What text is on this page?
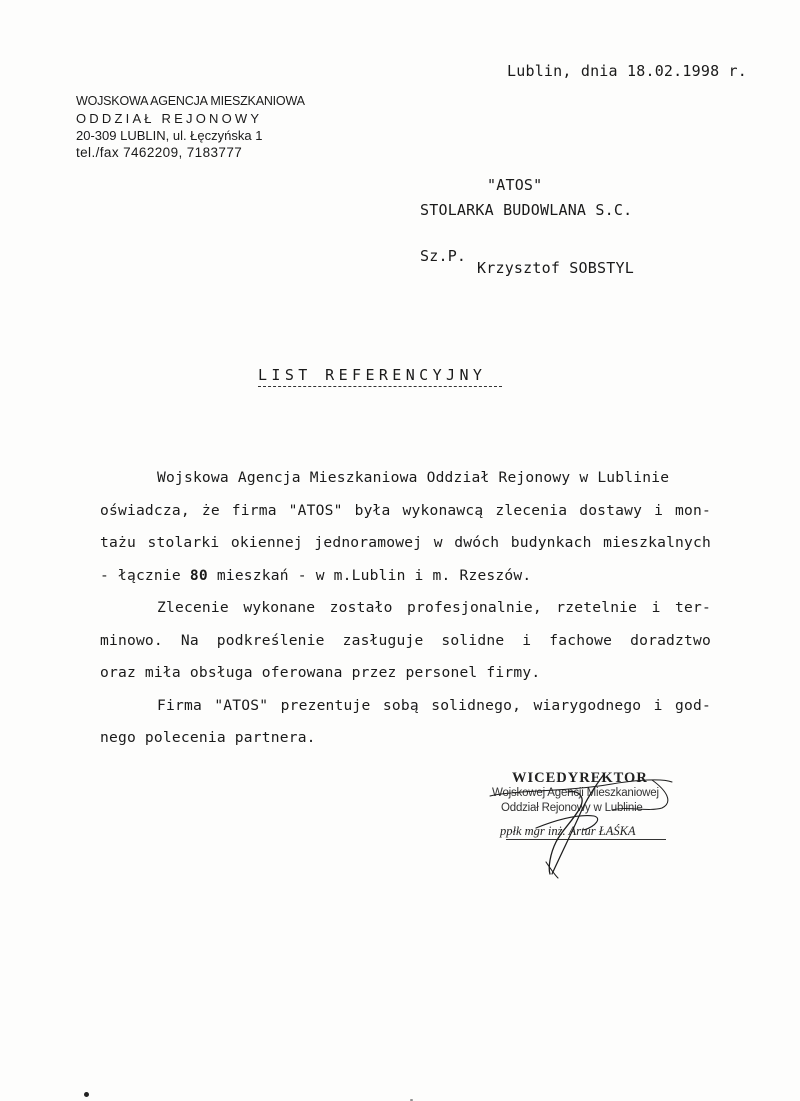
Lublin, dnia 18.02.1998 r.
WOJSKOWA AGENCJA MIESZKANIOWA
ODDZIAŁ REJONOWY
20-309 LUBLIN, ul. Łęczyńska 1
tel./fax 7462209, 7183777
"ATOS"
STOLARKA BUDOWLANA S.C.
Sz.P.
Krzysztof SOBSTYL
LIST REFERENCYJNY
Wojskowa Agencja Mieszkaniowa Oddział Rejonowy w Lublinie
oświadcza, że firma "ATOS" była wykonawcą zlecenia dostawy i mon-
tażu stolarki okiennej jednoramowej w dwóch budynkach mieszkalnych
- łącznie 80 mieszkań - w m.Lublin i m. Rzeszów.
Zlecenie wykonane zostało profesjonalnie, rzetelnie i ter-
minowo. Na podkreślenie zasługuje solidne i fachowe doradztwo
oraz miła obsługa oferowana przez personel firmy.
Firma "ATOS" prezentuje sobą solidnego, wiarygodnego i god-
nego polecenia partnera.
WICEDYREKTOR
Wojskowej Agencji Mieszkaniowej
Oddział Rejonowy w Lublinie
ppłk mgr inż. Artur ŁAŚKA
